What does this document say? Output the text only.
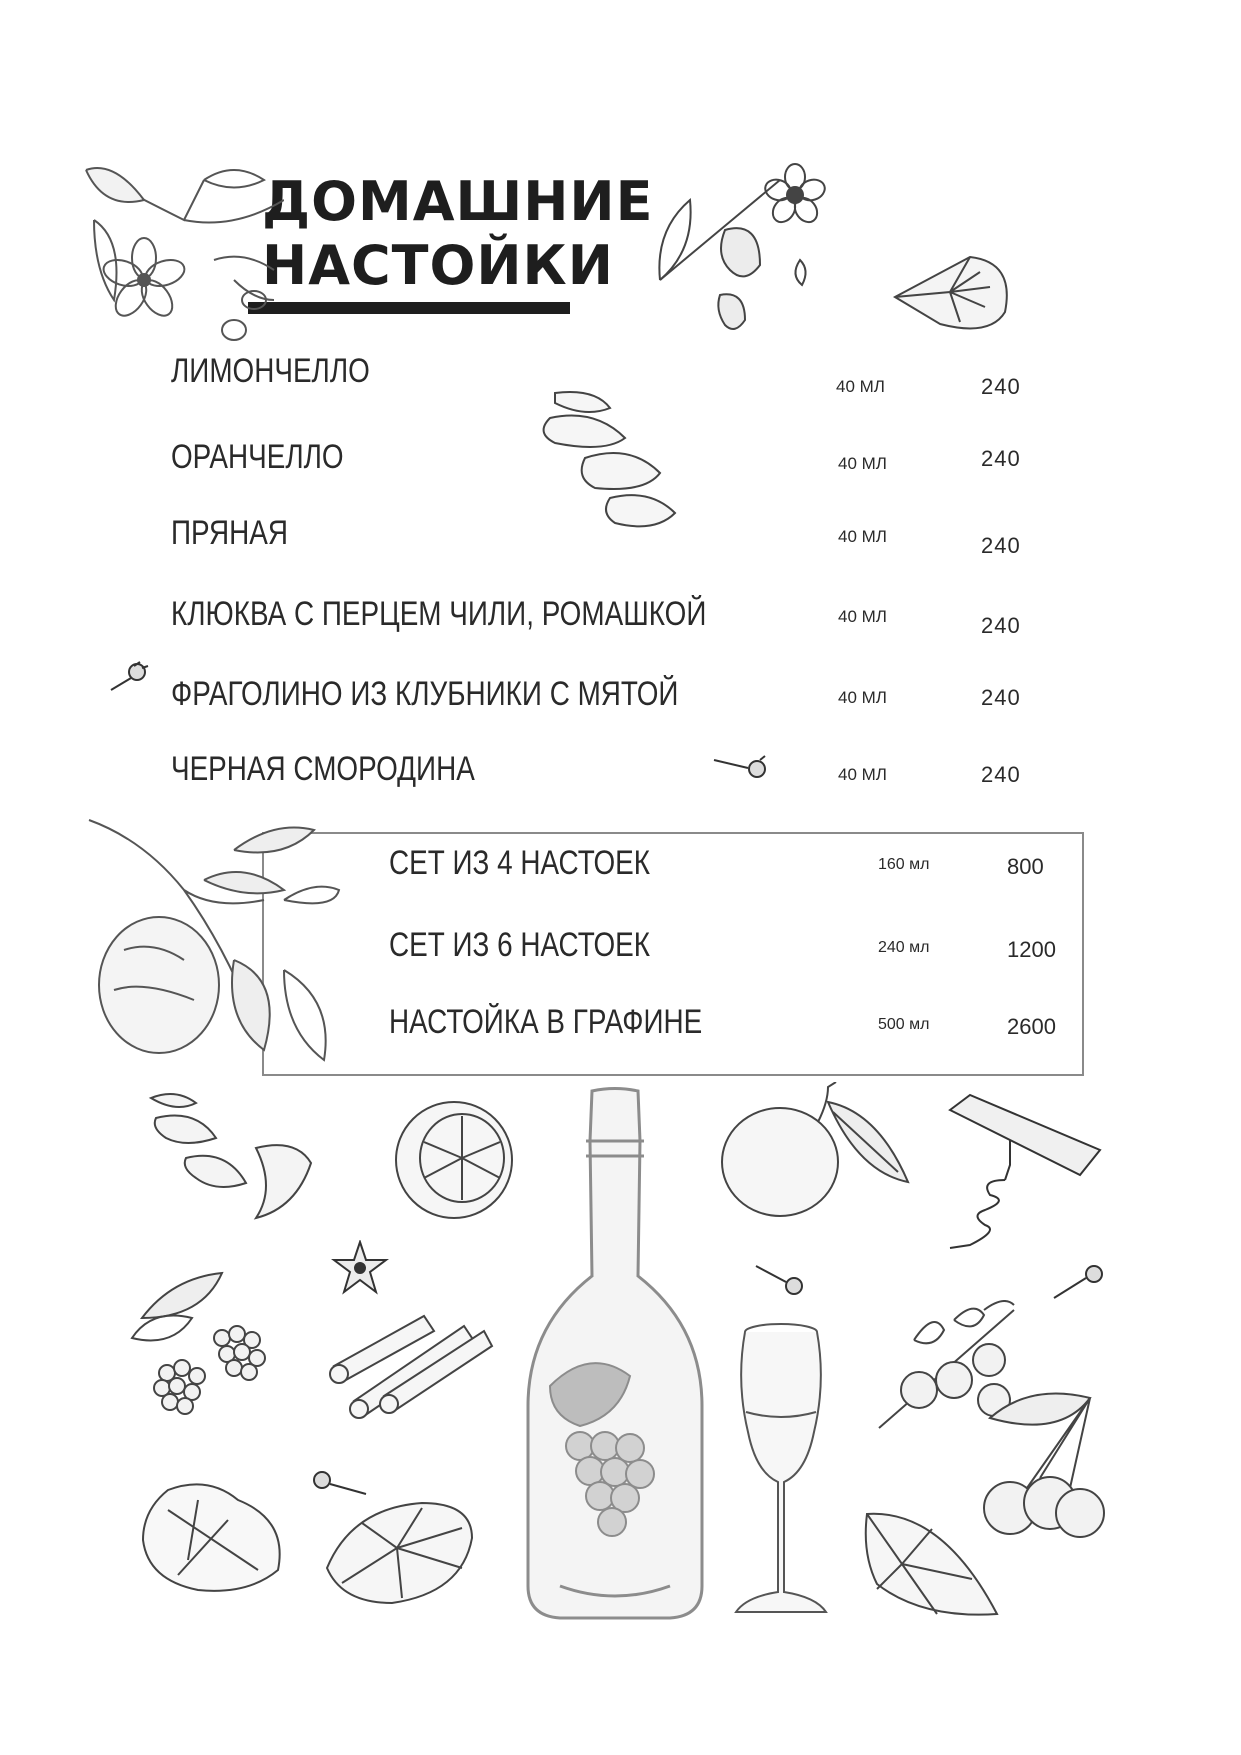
ДОМАШНИЕ
НАСТОЙКИ
ЛИМОНЧЕЛЛО	40 МЛ	240
ОРАНЧЕЛЛО	40 МЛ	240
ПРЯНАЯ	40 МЛ	240
КЛЮКВА С ПЕРЦЕМ ЧИЛИ, РОМАШКОЙ	40 МЛ	240
ФРАГОЛИНО ИЗ КЛУБНИКИ С МЯТОЙ	40 МЛ	240
ЧЕРНАЯ СМОРОДИНА	40 МЛ	240
СЕТ ИЗ 4 НАСТОЕК	160 мл	800
СЕТ ИЗ 6 НАСТОЕК	240 мл	1200
НАСТОЙКА В ГРАФИНЕ	500 мл	2600
